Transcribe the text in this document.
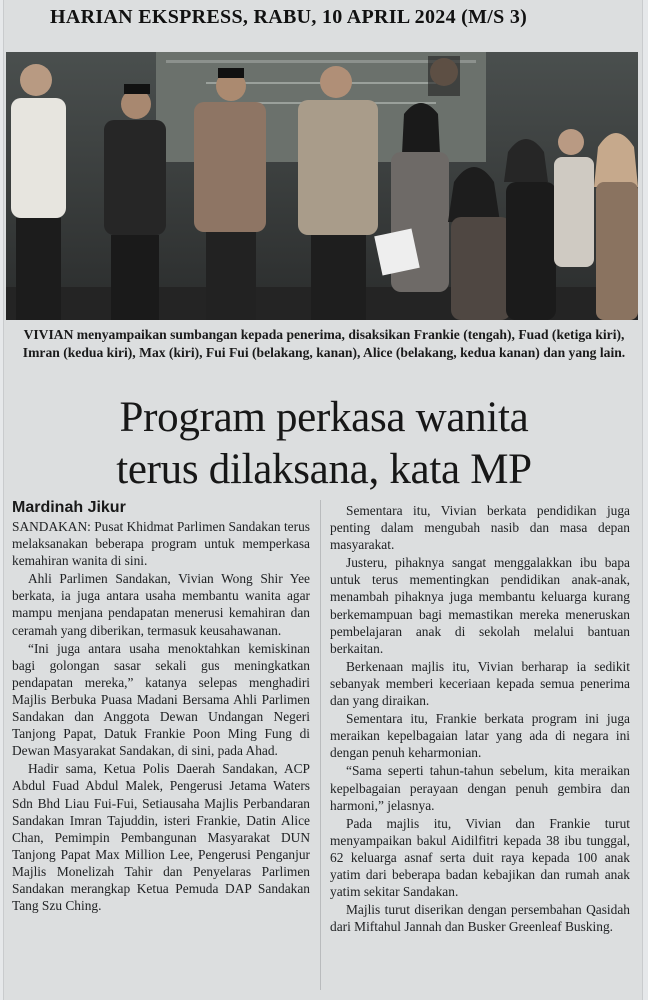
HARIAN EKSPRESS, RABU, 10 APRIL 2024 (M/S 3)
VIVIAN menyampaikan sumbangan kepada penerima, disaksikan Frankie (tengah), Fuad (ketiga kiri), Imran (kedua kiri), Max (kiri), Fui Fui (belakang, kanan), Alice (belakang, kedua kanan) dan yang lain.
Program perkasa wanita
terus dilaksana, kata MP
Mardinah Jikur

SANDAKAN: Pusat Khidmat Parlimen Sandakan terus melaksanakan beberapa program untuk memperkasa kemahiran wanita di sini.

Ahli Parlimen Sandakan, Vivian Wong Shir Yee berkata, ia juga antara usaha membantu wanita agar mampu menjana pendapatan menerusi kemahiran dan ceramah yang diberikan, termasuk keusahawanan.

“Ini juga antara usaha menoktahkan kemiskinan bagi golongan sasar sekali gus meningkatkan pendapatan mereka,” katanya selepas menghadiri Majlis Berbuka Puasa Madani Bersama Ahli Parlimen Sandakan dan Anggota Dewan Undangan Negeri Tanjong Papat, Datuk Frankie Poon Ming Fung di Dewan Masyarakat Sandakan, di sini, pada Ahad.

Hadir sama, Ketua Polis Daerah Sandakan, ACP Abdul Fuad Abdul Malek, Pengerusi Jetama Waters Sdn Bhd Liau Fui-Fui, Setiausaha Majlis Perbandaran Sandakan Imran Tajuddin, isteri Frankie, Datin Alice Chan, Pemimpin Pembangunan Masyarakat DUN Tanjong Papat Max Million Lee, Pengerusi Penganjur Majlis Monelizah Tahir dan Penyelaras Parlimen Sandakan merangkap Ketua Pemuda DAP Sandakan Tang Szu Ching.

Sementara itu, Vivian berkata pendidikan juga penting dalam mengubah nasib dan masa depan masyarakat.

Justeru, pihaknya sangat menggalakkan ibu bapa untuk terus mementingkan pendidikan anak-anak, menambah pihaknya juga membantu keluarga kurang berkemampuan bagi memastikan mereka meneruskan pembelajaran anak di sekolah melalui bantuan berkaitan.

Berkenaan majlis itu, Vivian berharap ia sedikit sebanyak memberi keceriaan kepada semua penerima dan yang diraikan.

Sementara itu, Frankie berkata program ini juga meraikan kepelbagaian latar yang ada di negara ini dengan penuh keharmonian.

“Sama seperti tahun-tahun sebelum, kita meraikan kepelbagaian perayaan dengan penuh gembira dan harmoni,” jelasnya.

Pada majlis itu, Vivian dan Frankie turut menyampaikan bakul Aidilfitri kepada 38 ibu tunggal, 62 keluarga asnaf serta duit raya kepada 100 anak yatim dari beberapa badan kebajikan dan rumah anak yatim sekitar Sandakan.

Majlis turut diserikan dengan persembahan Qasidah dari Miftahul Jannah dan Busker Greenleaf Busking.
